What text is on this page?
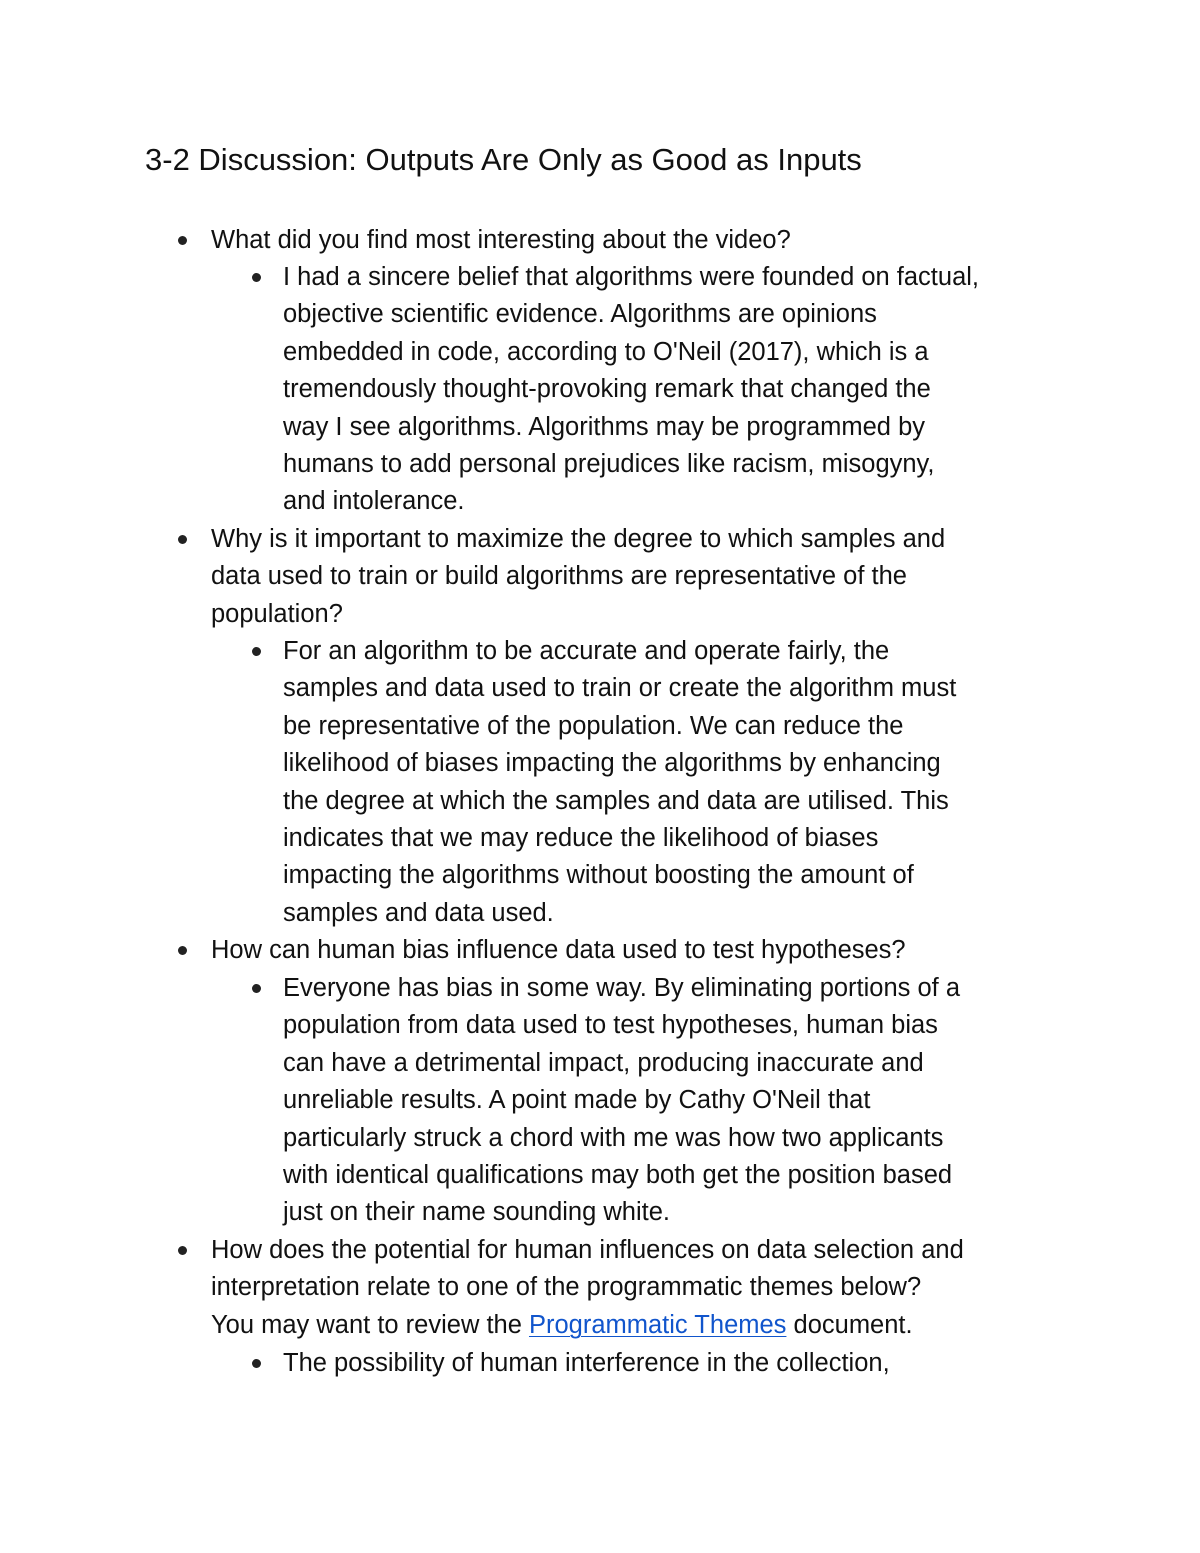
3-2 Discussion: Outputs Are Only as Good as Inputs
What did you find most interesting about the video?
I had a sincere belief that algorithms were founded on factual,
objective scientific evidence. Algorithms are opinions
embedded in code, according to O'Neil (2017), which is a
tremendously thought-provoking remark that changed the
way I see algorithms. Algorithms may be programmed by
humans to add personal prejudices like racism, misogyny,
and intolerance.
Why is it important to maximize the degree to which samples and
data used to train or build algorithms are representative of the
population?
For an algorithm to be accurate and operate fairly, the
samples and data used to train or create the algorithm must
be representative of the population. We can reduce the
likelihood of biases impacting the algorithms by enhancing
the degree at which the samples and data are utilised. This
indicates that we may reduce the likelihood of biases
impacting the algorithms without boosting the amount of
samples and data used.
How can human bias influence data used to test hypotheses?
Everyone has bias in some way. By eliminating portions of a
population from data used to test hypotheses, human bias
can have a detrimental impact, producing inaccurate and
unreliable results. A point made by Cathy O'Neil that
particularly struck a chord with me was how two applicants
with identical qualifications may both get the position based
just on their name sounding white.
How does the potential for human influences on data selection and
interpretation relate to one of the programmatic themes below?
You may want to review the Programmatic Themes document.
The possibility of human interference in the collection,
